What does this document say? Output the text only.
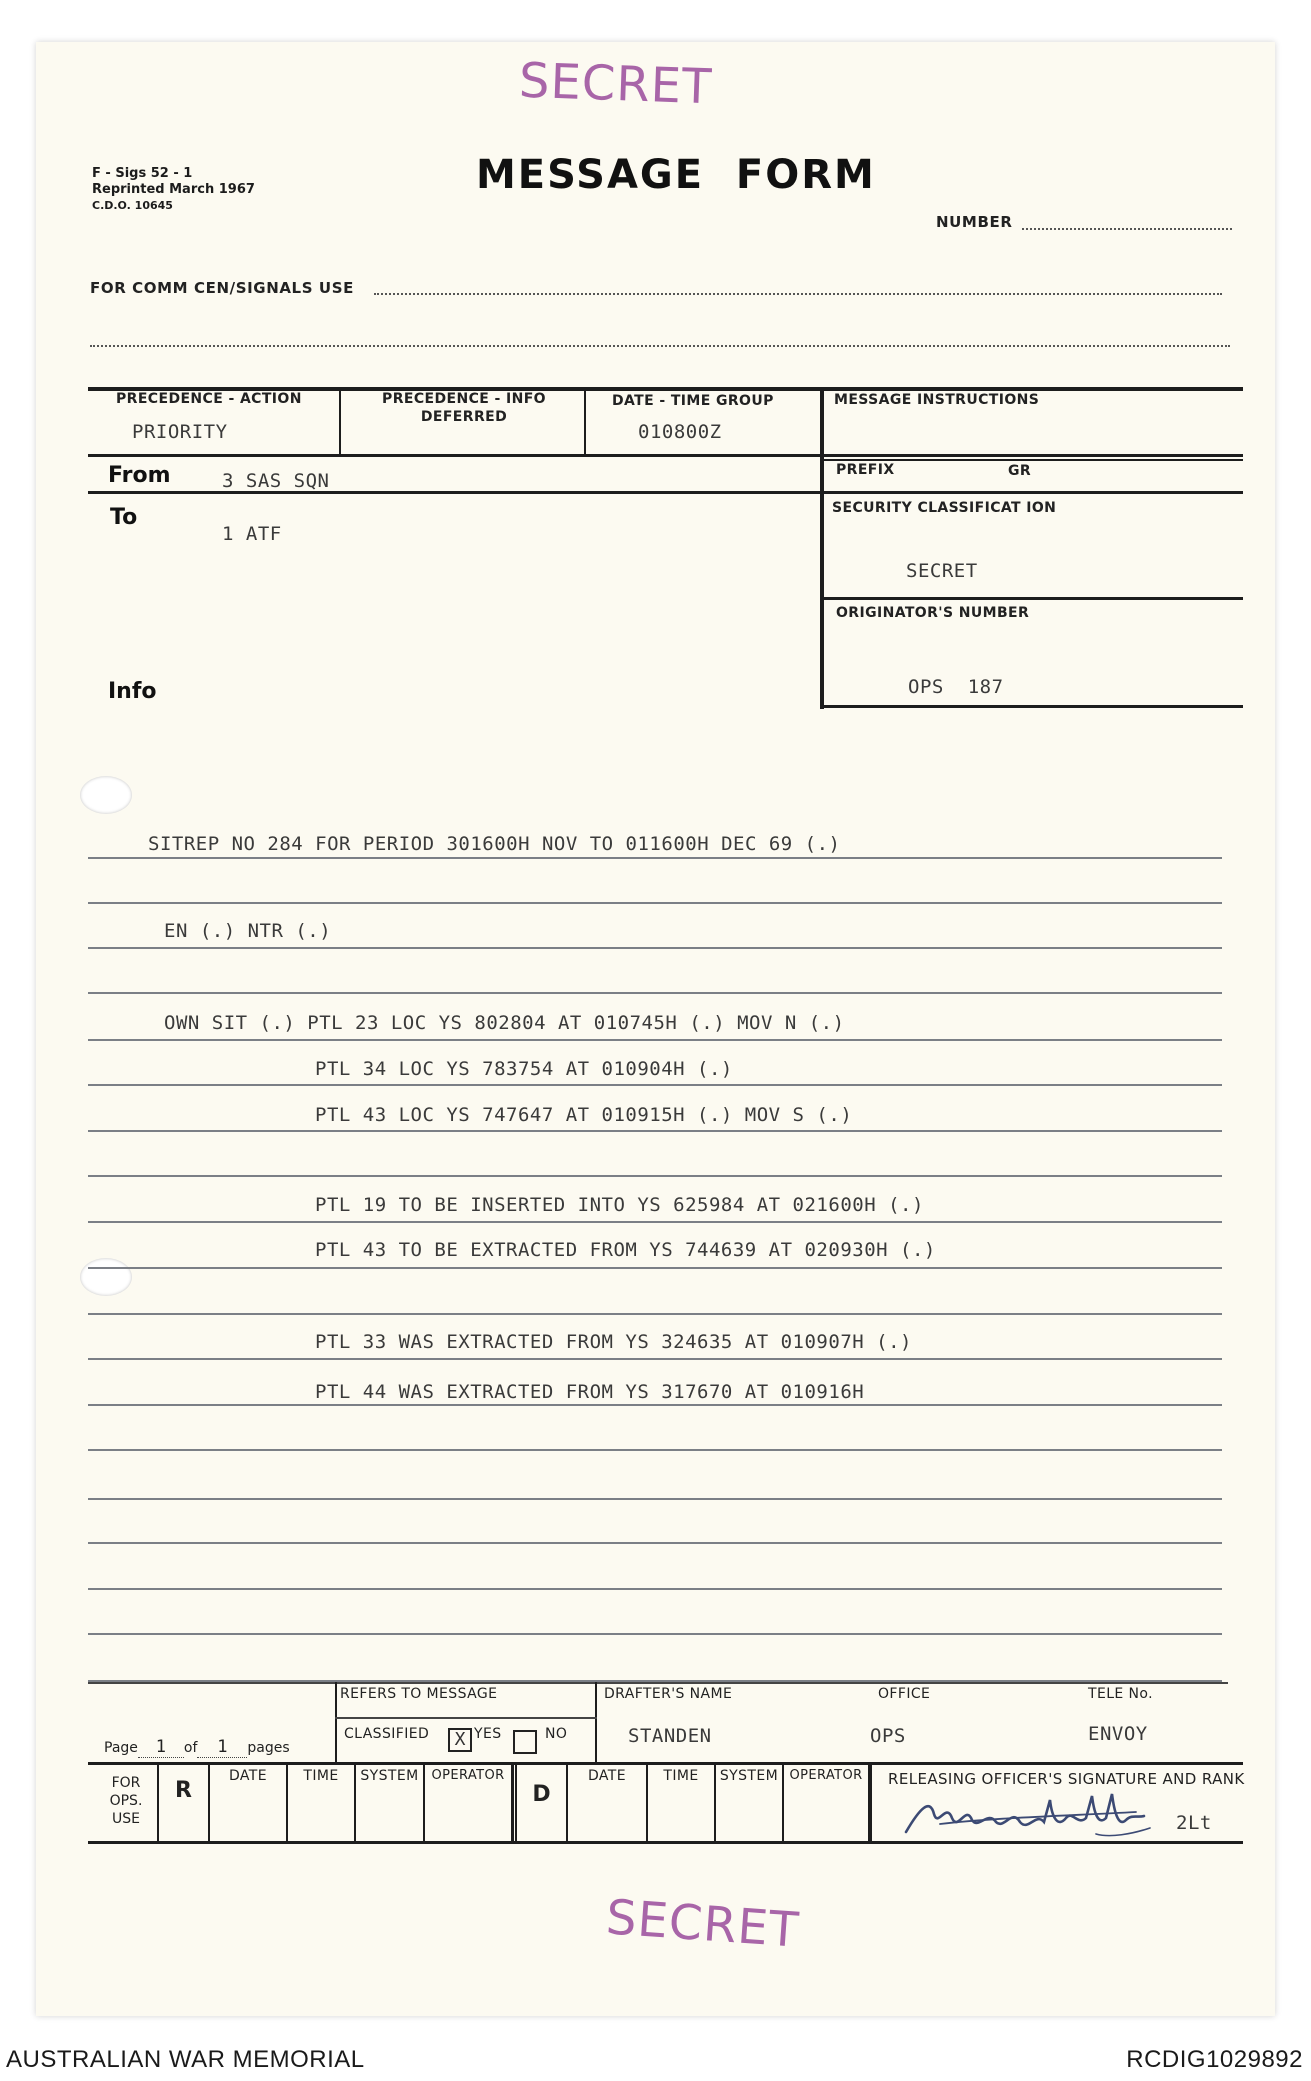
SECRET
SECRET
F - Sigs 52 - 1
Reprinted March 1967
C.D.O. 10645
MESSAGE  FORM
NUMBER
FOR COMM CEN/SIGNALS USE
PRECEDENCE - ACTION
PRIORITY
PRECEDENCE - INFO
DEFERRED
DATE - TIME GROUP
010800Z
MESSAGE INSTRUCTIONS
PREFIX	GR
SECURITY CLASSIFICAT ION
SECRET
ORIGINATOR'S NUMBER
OPS  187
From	3 SAS SQN
To
1 ATF
Info
SITREP NO 284 FOR PERIOD 301600H NOV TO 011600H DEC 69 (.)
EN (.) NTR (.)
OWN SIT (.) PTL 23 LOC YS 802804 AT 010745H (.) MOV N (.)
PTL 34 LOC YS 783754 AT 010904H (.)
PTL 43 LOC YS 747647 AT 010915H (.) MOV S (.)
PTL 19 TO BE INSERTED INTO YS 625984 AT 021600H (.)
PTL 43 TO BE EXTRACTED FROM YS 744639 AT 020930H (.)
PTL 33 WAS EXTRACTED FROM YS 324635 AT 010907H (.)
PTL 44 WAS EXTRACTED FROM YS 317670 AT 010916H
Page 1 of 1 pages
REFERS TO MESSAGE
CLASSIFIED	X YES	NO
DRAFTER'S NAME
STANDEN
OFFICE
OPS
TELE No.
ENVOY
FOR
OPS.
USE
R
DATE	TIME	SYSTEM OPERATOR
D
DATE	TIME	SYSTEM OPERATOR	RELEASING OFFICER'S SIGNATURE AND RANK
2Lt
AUSTRALIAN WAR MEMORIAL	RCDIG1029892
